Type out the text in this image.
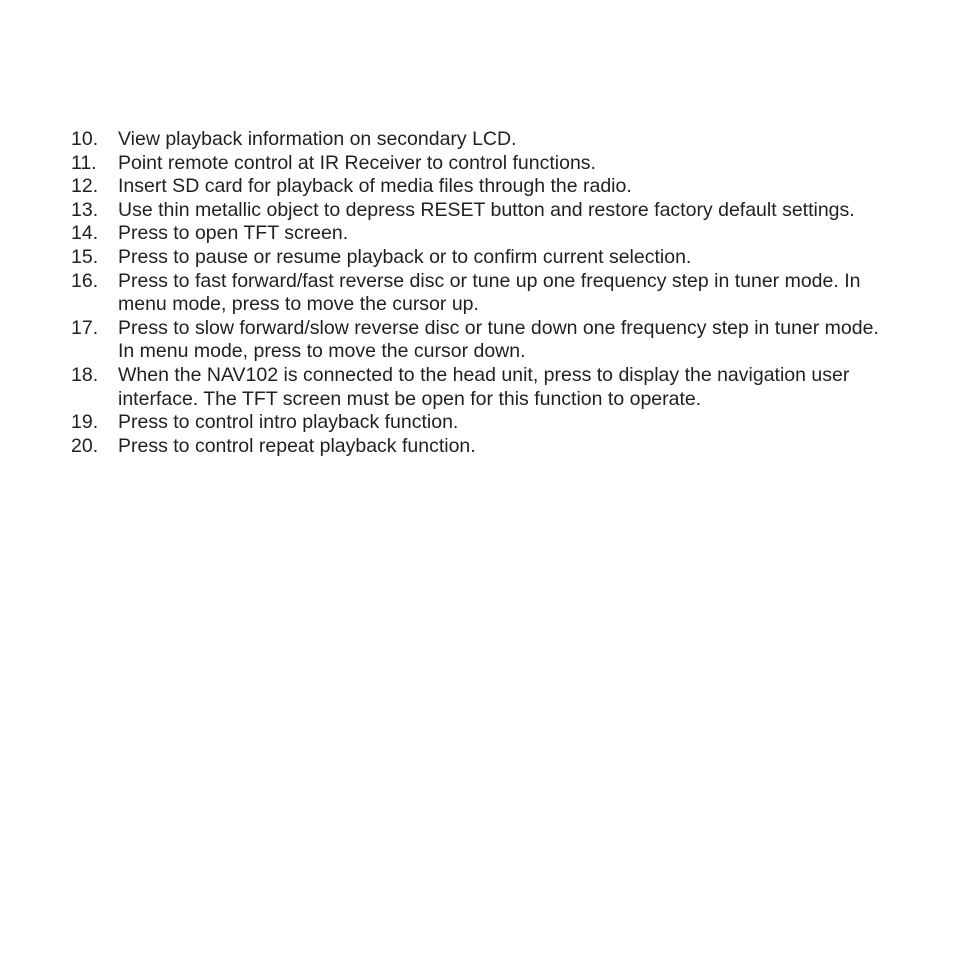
10.	View playback information on secondary LCD.
11.	Point remote control at IR Receiver to control functions.
12.	Insert SD card for playback of media files through the radio.
13.	Use thin metallic object to depress RESET button and restore factory default settings.
14.	Press to open TFT screen.
15.	Press to pause or resume playback or to confirm current selection.
16.	Press to fast forward/fast reverse disc or tune up one frequency step in tuner mode. In menu mode, press to move the cursor up.
17.	Press to slow forward/slow reverse disc or tune down one frequency step in tuner mode. In menu mode, press to move the cursor down.
18.	When the NAV102 is connected to the head unit, press to display the navigation user interface. The TFT screen must be open for this function to operate.
19.	Press to control intro playback function.
20.	Press to control repeat playback function.
